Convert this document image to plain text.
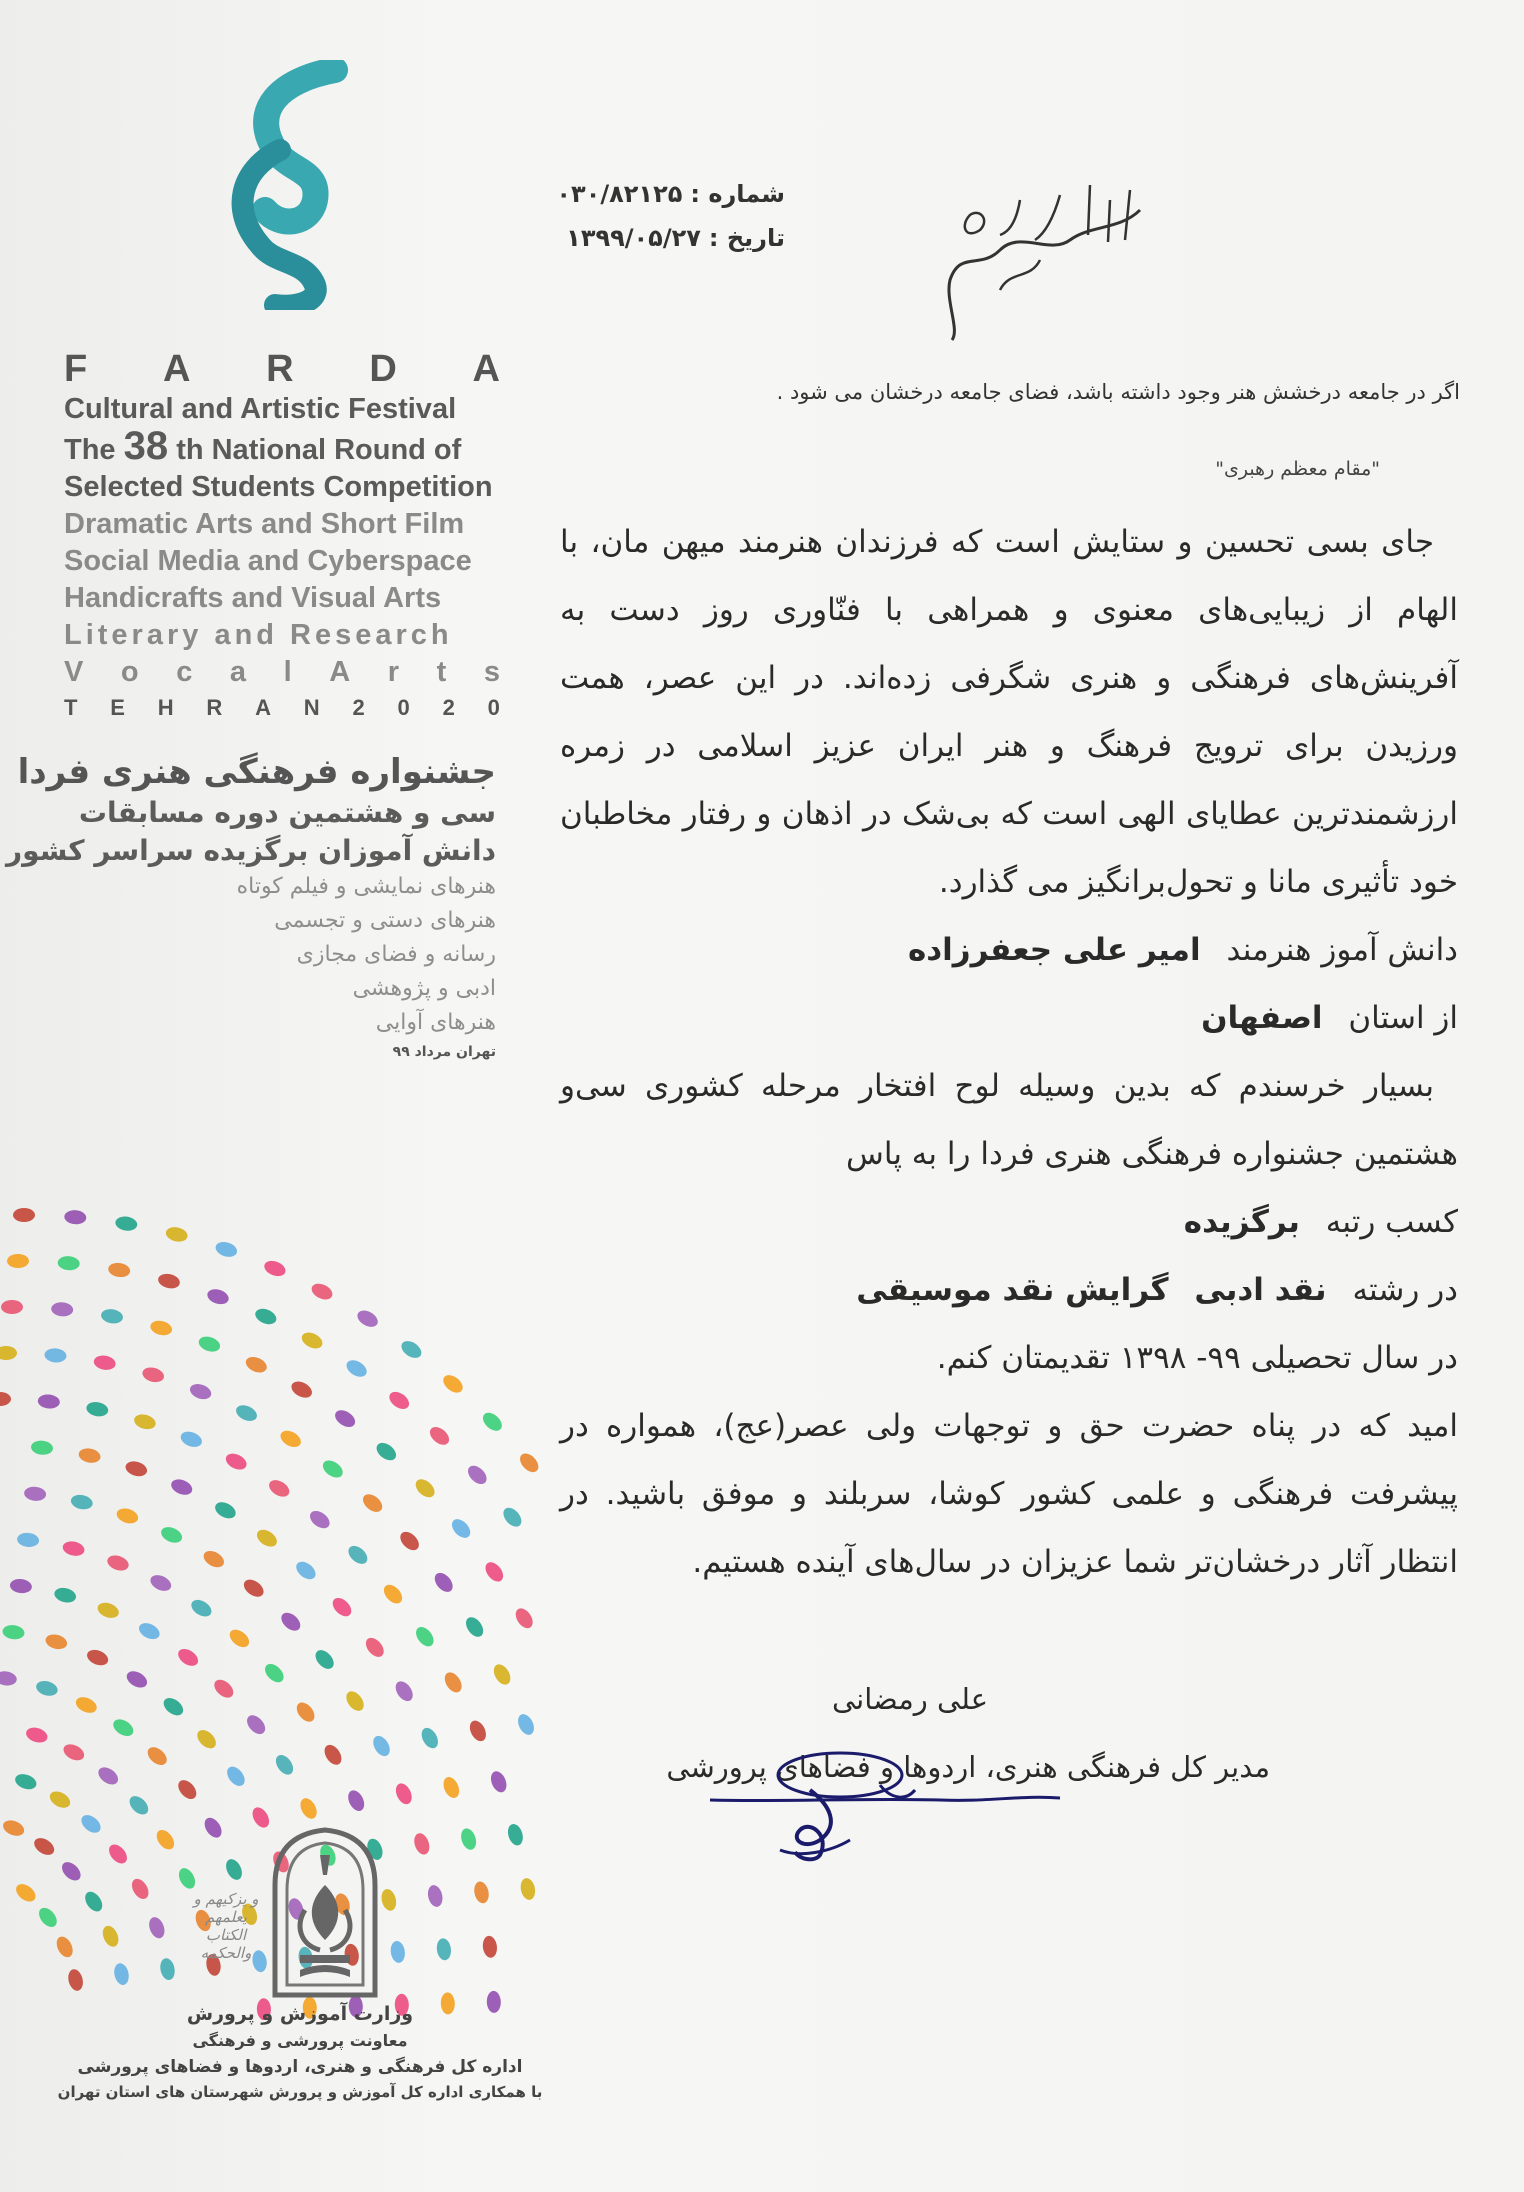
F A R D A
Cultural and Artistic Festival
The 38 th National Round of
Selected Students Competition
Dramatic Arts and Short Film
Social Media and Cyberspace
Handicrafts and Visual Arts
Literary and Research
V o c a l A r t s
T E H R A N 2 0 2 0
جشنواره فرهنگی هنری فردا
سی و هشتمین دوره مسابقات
دانش آموزان برگزیده سراسر کشور
هنرهای نمایشی و فیلم کوتاه
هنرهای دستی و تجسمی
رسانه و فضای مجازی
ادبی و پژوهشی
هنرهای آوایی
تهران مرداد ۹۹
و یزکیهم و یعلمهم الکتاب والحکمه
وزارت آموزش و پرورش
معاونت پرورشی و فرهنگی
اداره کل فرهنگی و هنری، اردوها و فضاهای پرورشی
با همکاری اداره کل آموزش و پرورش شهرستان های استان تهران
شماره :۰۳۰/۸۲۱۲۵
تاریخ :۱۳۹۹/۰۵/۲۷
اگر در جامعه درخشش هنر وجود داشته باشد، فضای جامعه درخشان می شود .
"مقام معظم رهبری"

جای بسی تحسین و ستایش است که فرزندان هنرمند میهن مان، با الهام از زیبایی‌های معنوی و همراهی با فنّاوری روز دست به آفرینش‌های فرهنگی و هنری شگرفی زده‌اند. در این عصر، همت ورزیدن برای ترویج فرهنگ و هنر ایران عزیز اسلامی در زمره ارزشمندترین عطایای الهی است که بی‌شک در اذهان و رفتار مخاطبان خود تأثیری مانا و تحول‌برانگیز می گذارد.

دانش آموز هنرمند امیر علی جعفرزاده
از استان اصفهان

بسیار خرسندم که بدین وسیله لوح افتخار مرحله کشوری سی‌و هشتمین جشنواره فرهنگی هنری فردا را به پاس

کسب رتبه برگزیده
در رشته نقد ادبی گرایش نقد موسیقی
در سال تحصیلی ۹۹- ۱۳۹۸ تقدیمتان کنم.

امید که در پناه حضرت حق و توجهات ولی عصر(عج)، همواره در پیشرفت فرهنگی و علمی کشور کوشا، سربلند و موفق باشید. در انتظار آثار درخشان‌تر شما عزیزان در سال‌های آینده هستیم.

علی رمضانی
مدیر کل فرهنگی هنری، اردوها و فضاهای پرورشی
